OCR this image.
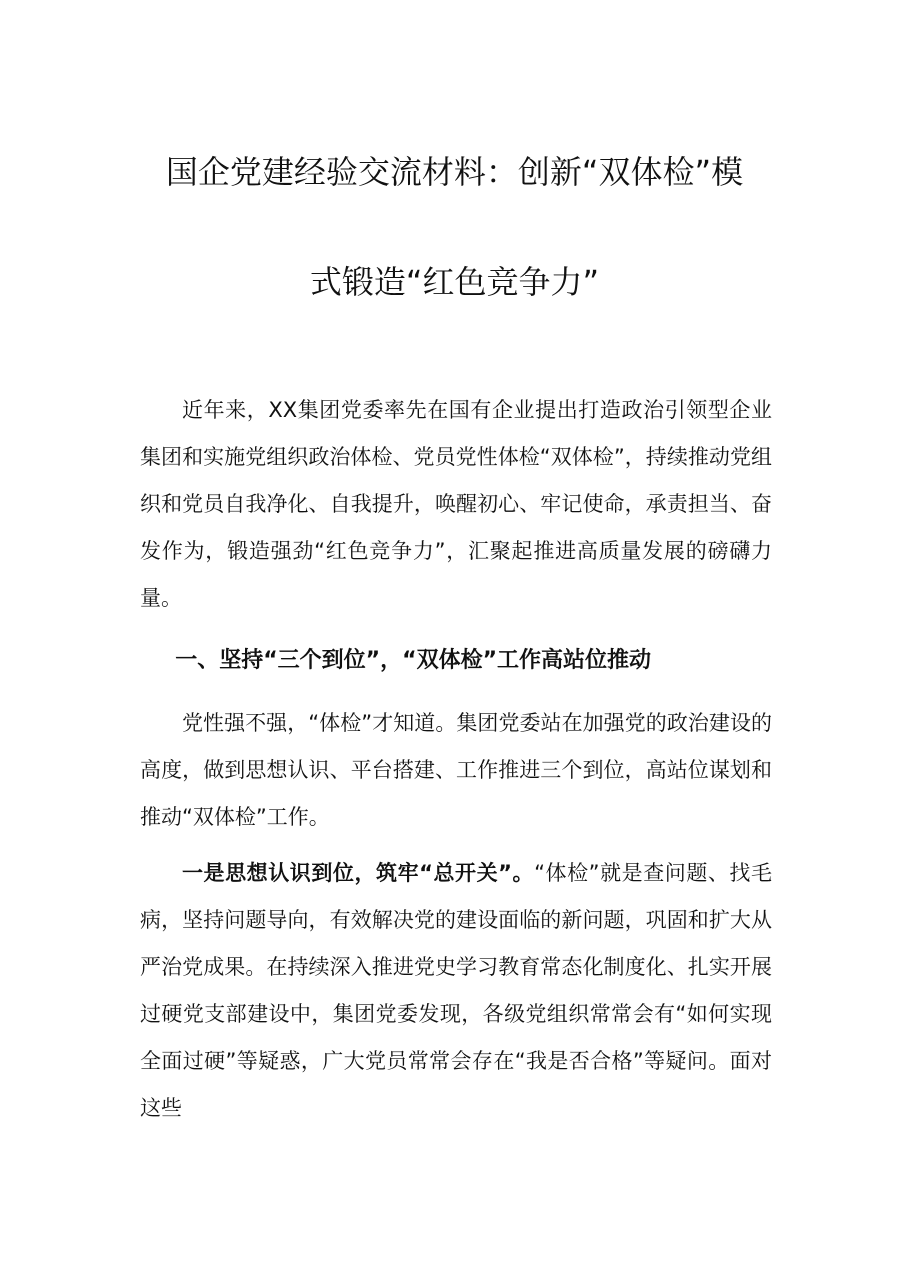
国企党建经验交流材料：创新“双体检”模
式锻造“红色竞争力”

近年来，XX集团党委率先在国有企业提出打造政治引领型企业集团和实施党组织政治体检、党员党性体检“双体检”，持续推动党组织和党员自我净化、自我提升，唤醒初心、牢记使命，承责担当、奋发作为，锻造强劲“红色竞争力”，汇聚起推进高质量发展的磅礴力量。

一、坚持“三个到位”，“双体检”工作高站位推动

党性强不强，“体检”才知道。集团党委站在加强党的政治建设的高度，做到思想认识、平台搭建、工作推进三个到位，高站位谋划和推动“双体检”工作。

一是思想认识到位，筑牢“总开关”。“体检”就是查问题、找毛病，坚持问题导向，有效解决党的建设面临的新问题，巩固和扩大从严治党成果。在持续深入推进党史学习教育常态化制度化、扎实开展过硬党支部建设中，集团党委发现，各级党组织常常会有“如何实现全面过硬”等疑惑，广大党员常常会存在“我是否合格”等疑问。面对这些
